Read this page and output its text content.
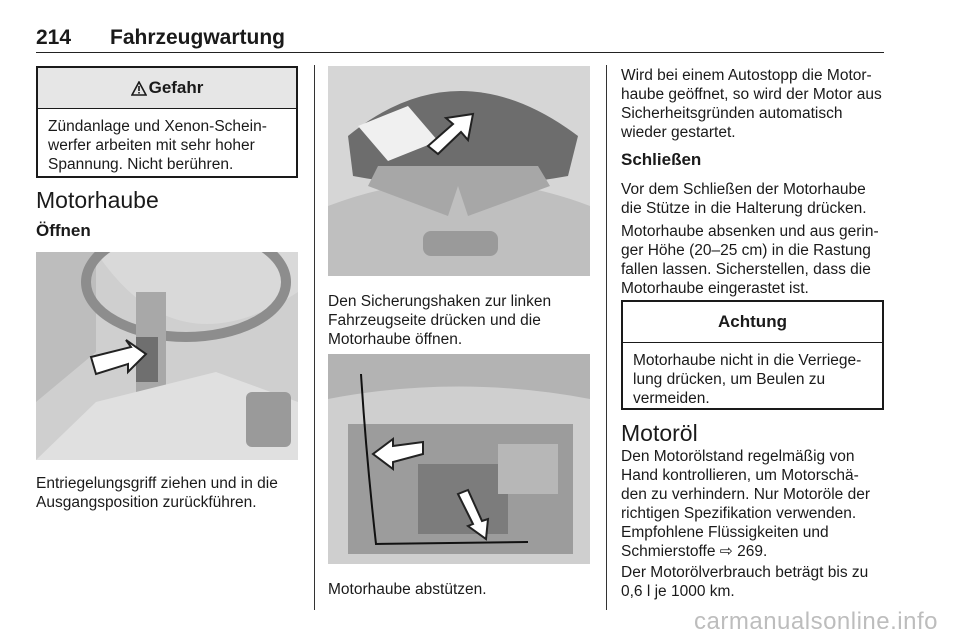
214 Fahrzeugwartung
Gefahr
Zündanlage und Xenon-Schein-
werfer arbeiten mit sehr hoher
Spannung. Nicht berühren.
Motorhaube
Öffnen

Entriegelungsgriff ziehen und in die
Ausgangsposition zurückführen.

Den Sicherungshaken zur linken
Fahrzeugseite drücken und die
Motorhaube öffnen.

Motorhaube abstützen.

Wird bei einem Autostopp die Motor-
haube geöffnet, so wird der Motor aus
Sicherheitsgründen automatisch
wieder gestartet.

Schließen

Vor dem Schließen der Motorhaube
die Stütze in die Halterung drücken.

Motorhaube absenken und aus gerin-
ger Höhe (20–25 cm) in die Rastung
fallen lassen. Sicherstellen, dass die
Motorhaube eingerastet ist.

Achtung
Motorhaube nicht in die Verriege-
lung drücken, um Beulen zu
vermeiden.
Motoröl

Den Motorölstand regelmäßig von
Hand kontrollieren, um Motorschä-
den zu verhindern. Nur Motoröle der
richtigen Spezifikation verwenden.
Empfohlene Flüssigkeiten und
Schmierstoffe ⇨ 269.

Der Motorölverbrauch beträgt bis zu
0,6 l je 1000 km.

carmanualsonline.info
